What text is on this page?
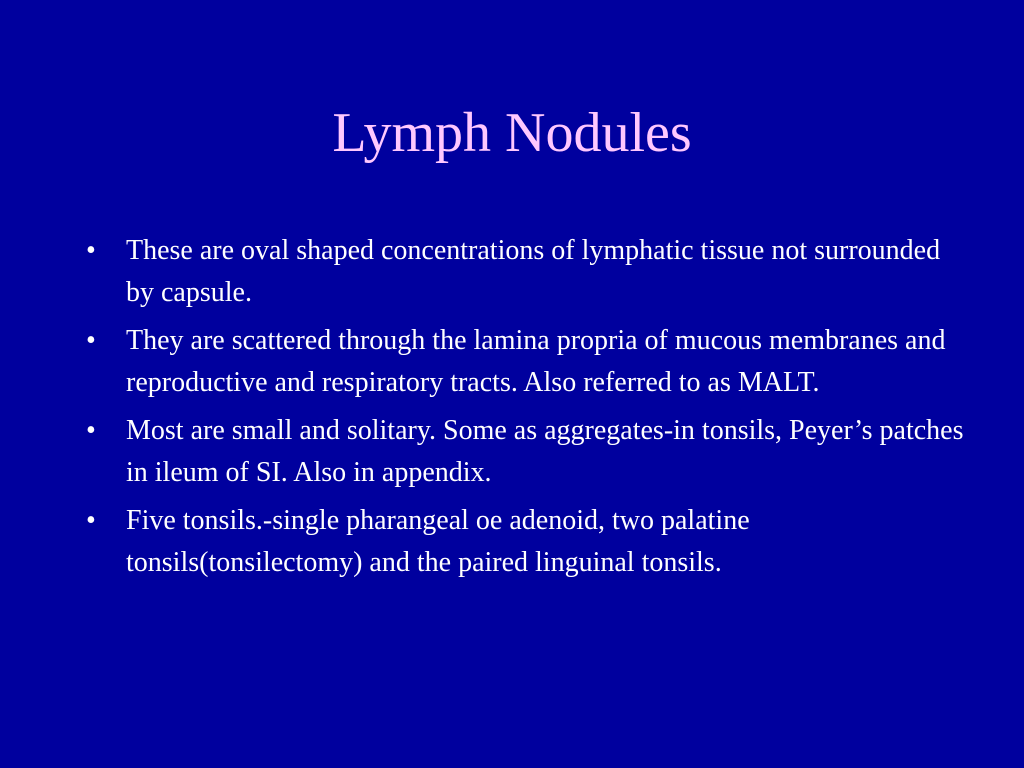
Lymph Nodules
• These are oval shaped concentrations of lymphatic tissue not surrounded by capsule.
• They are scattered through the lamina propria of mucous membranes and reproductive and respiratory tracts. Also referred to as MALT.
• Most are small and solitary. Some as aggregates-in tonsils, Peyer’s patches in ileum of SI. Also in appendix.
• Five tonsils.-single pharangeal oe adenoid, two palatine tonsils(tonsilectomy) and the paired linguinal tonsils.
